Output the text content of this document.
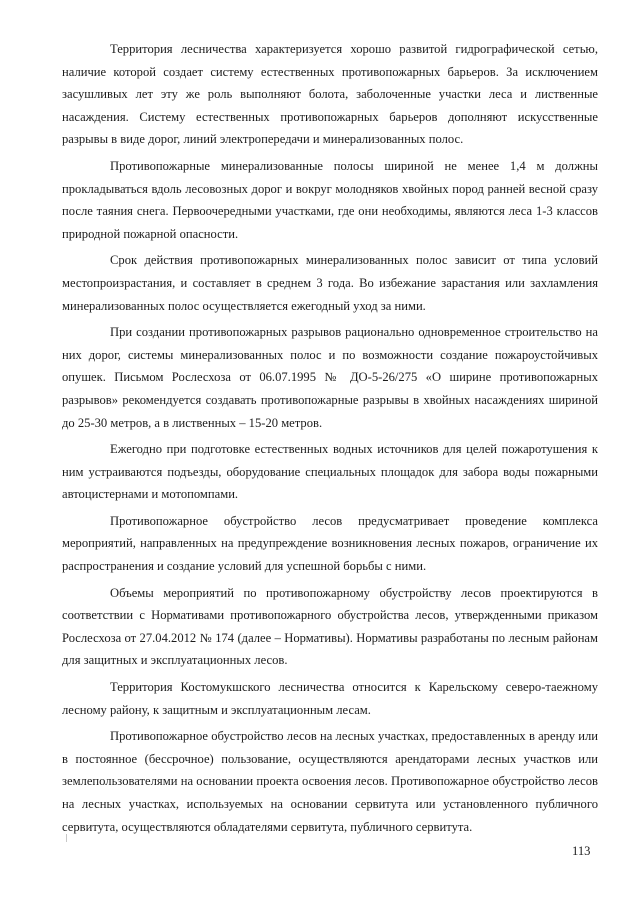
Территория лесничества характеризуется хорошо развитой гидрографической сетью, наличие которой создает систему естественных противопожарных барьеров. За исключением засушливых лет эту же роль выполняют болота, заболоченные участки леса и лиственные насаждения. Систему естественных противопожарных барьеров дополняют искусственные разрывы в виде дорог, линий электропередачи и минерализованных полос.

Противопожарные минерализованные полосы шириной не менее 1,4 м должны прокладываться вдоль лесовозных дорог и вокруг молодняков хвойных пород ранней весной сразу после таяния снега. Первоочередными участками, где они необходимы, являются леса 1-3 классов природной пожарной опасности.

Срок действия противопожарных минерализованных полос зависит от типа условий местопроизрастания, и составляет в среднем 3 года. Во избежание зарастания или захламления минерализованных полос осуществляется ежегодный уход за ними.

При создании противопожарных разрывов рационально одновременное строительство на них дорог, системы минерализованных полос и по возможности создание пожароустойчивых опушек. Письмом Рослесхоза от 06.07.1995 № ДО-5-26/275 «О ширине противопожарных разрывов» рекомендуется создавать противопожарные разрывы в хвойных насаждениях шириной до 25-30 метров, а в лиственных – 15-20 метров.

Ежегодно при подготовке естественных водных источников для целей пожаротушения к ним устраиваются подъезды, оборудование специальных площадок для забора воды пожарными автоцистернами и мотопомпами.

Противопожарное обустройство лесов предусматривает проведение комплекса мероприятий, направленных на предупреждение возникновения лесных пожаров, ограничение их распространения и создание условий для успешной борьбы с ними.

Объемы мероприятий по противопожарному обустройству лесов проектируются в соответствии с Нормативами противопожарного обустройства лесов, утвержденными приказом Рослесхоза от 27.04.2012 № 174 (далее – Нормативы). Нормативы разработаны по лесным районам для защитных и эксплуатационных лесов.

Территория Костомукшского лесничества относится к Карельскому северо-таежному лесному району, к защитным и эксплуатационным лесам.

Противопожарное обустройство лесов на лесных участках, предоставленных в аренду или в постоянное (бессрочное) пользование, осуществляются арендаторами лесных участков или землепользователями на основании проекта освоения лесов. Противопожарное обустройство лесов на лесных участках, используемых на основании сервитута или установленного публичного сервитута, осуществляются обладателями сервитута, публичного сервитута.

113
